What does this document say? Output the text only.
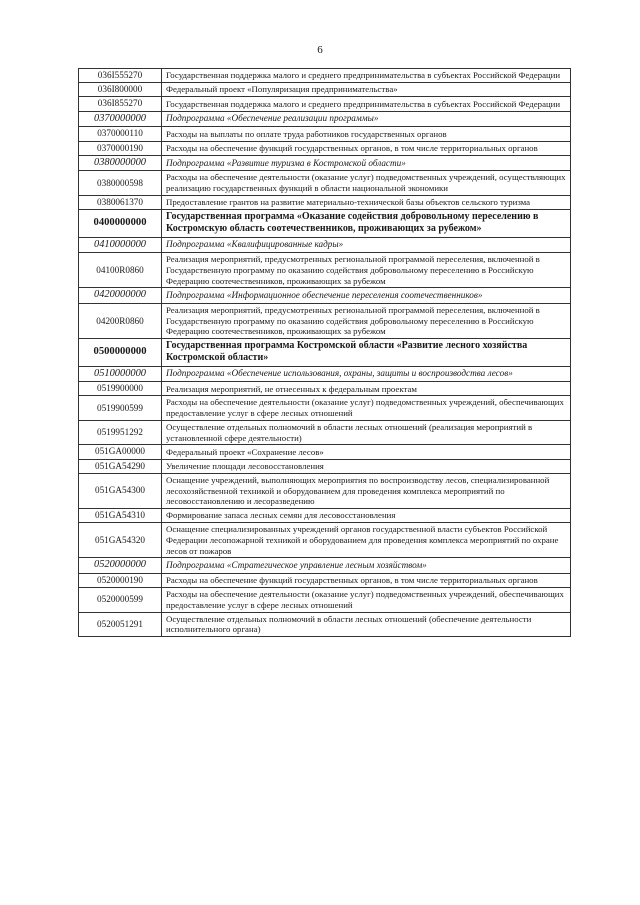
6
036I555270	Государственная поддержка малого и среднего предпринимательства в субъектах Российской Федерации
036I800000	Федеральный проект «Популяризация предпринимательства»
036I855270	Государственная поддержка малого и среднего предпринимательства в субъектах Российской Федерации
0370000000	Подпрограмма «Обеспечение реализации программы»
0370000110	Расходы на выплаты по оплате труда работников государственных органов
0370000190	Расходы на обеспечение функций государственных органов, в том числе территориальных органов
0380000000	Подпрограмма «Развитие туризма в Костромской области»
0380000598	Расходы на обеспечение деятельности (оказание услуг) подведомственных учреждений, осуществляющих реализацию государственных функций в области национальной экономики
0380061370	Предоставление грантов на развитие материально-технической базы объектов сельского туризма
0400000000	Государственная программа «Оказание содействия добровольному переселению в Костромскую область соотечественников, проживающих за рубежом»
0410000000	Подпрограмма «Квалифицированные кадры»
04100R0860	Реализация мероприятий, предусмотренных региональной программой переселения, включенной в Государственную программу по оказанию содействия добровольному переселению в Российскую Федерацию соотечественников, проживающих за рубежом
0420000000	Подпрограмма «Информационное обеспечение переселения соотечественников»
04200R0860	Реализация мероприятий, предусмотренных региональной программой переселения, включенной в Государственную программу по оказанию содействия добровольному переселению в Российскую Федерацию соотечественников, проживающих за рубежом
0500000000	Государственная программа Костромской области «Развитие лесного хозяйства Костромской области»
0510000000	Подпрограмма «Обеспечение использования, охраны, защиты и воспроизводства лесов»
0519900000	Реализация мероприятий, не отнесенных к федеральным проектам
0519900599	Расходы на обеспечение деятельности (оказание услуг) подведомственных учреждений, обеспечивающих предоставление услуг в сфере лесных отношений
0519951292	Осуществление отдельных полномочий в области лесных отношений (реализация мероприятий в установленной сфере деятельности)
051GA00000	Федеральный проект «Сохранение лесов»
051GA54290	Увеличение площади лесовосстановления
051GA54300	Оснащение учреждений, выполняющих мероприятия по воспроизводству лесов, специализированной лесохозяйственной техникой и оборудованием для проведения комплекса мероприятий по лесовосстановлению и лесоразведению
051GA54310	Формирование запаса лесных семян для лесовосстановления
051GA54320	Оснащение специализированных учреждений органов государственной власти субъектов Российской Федерации лесопожарной техникой и оборудованием для проведения комплекса мероприятий по охране лесов от пожаров
0520000000	Подпрограмма «Стратегическое управление лесным хозяйством»
0520000190	Расходы на обеспечение функций государственных органов, в том числе территориальных органов
0520000599	Расходы на обеспечение деятельности (оказание услуг) подведомственных учреждений, обеспечивающих предоставление услуг в сфере лесных отношений
0520051291	Осуществление отдельных полномочий в области лесных отношений (обеспечение деятельности исполнительного органа)
